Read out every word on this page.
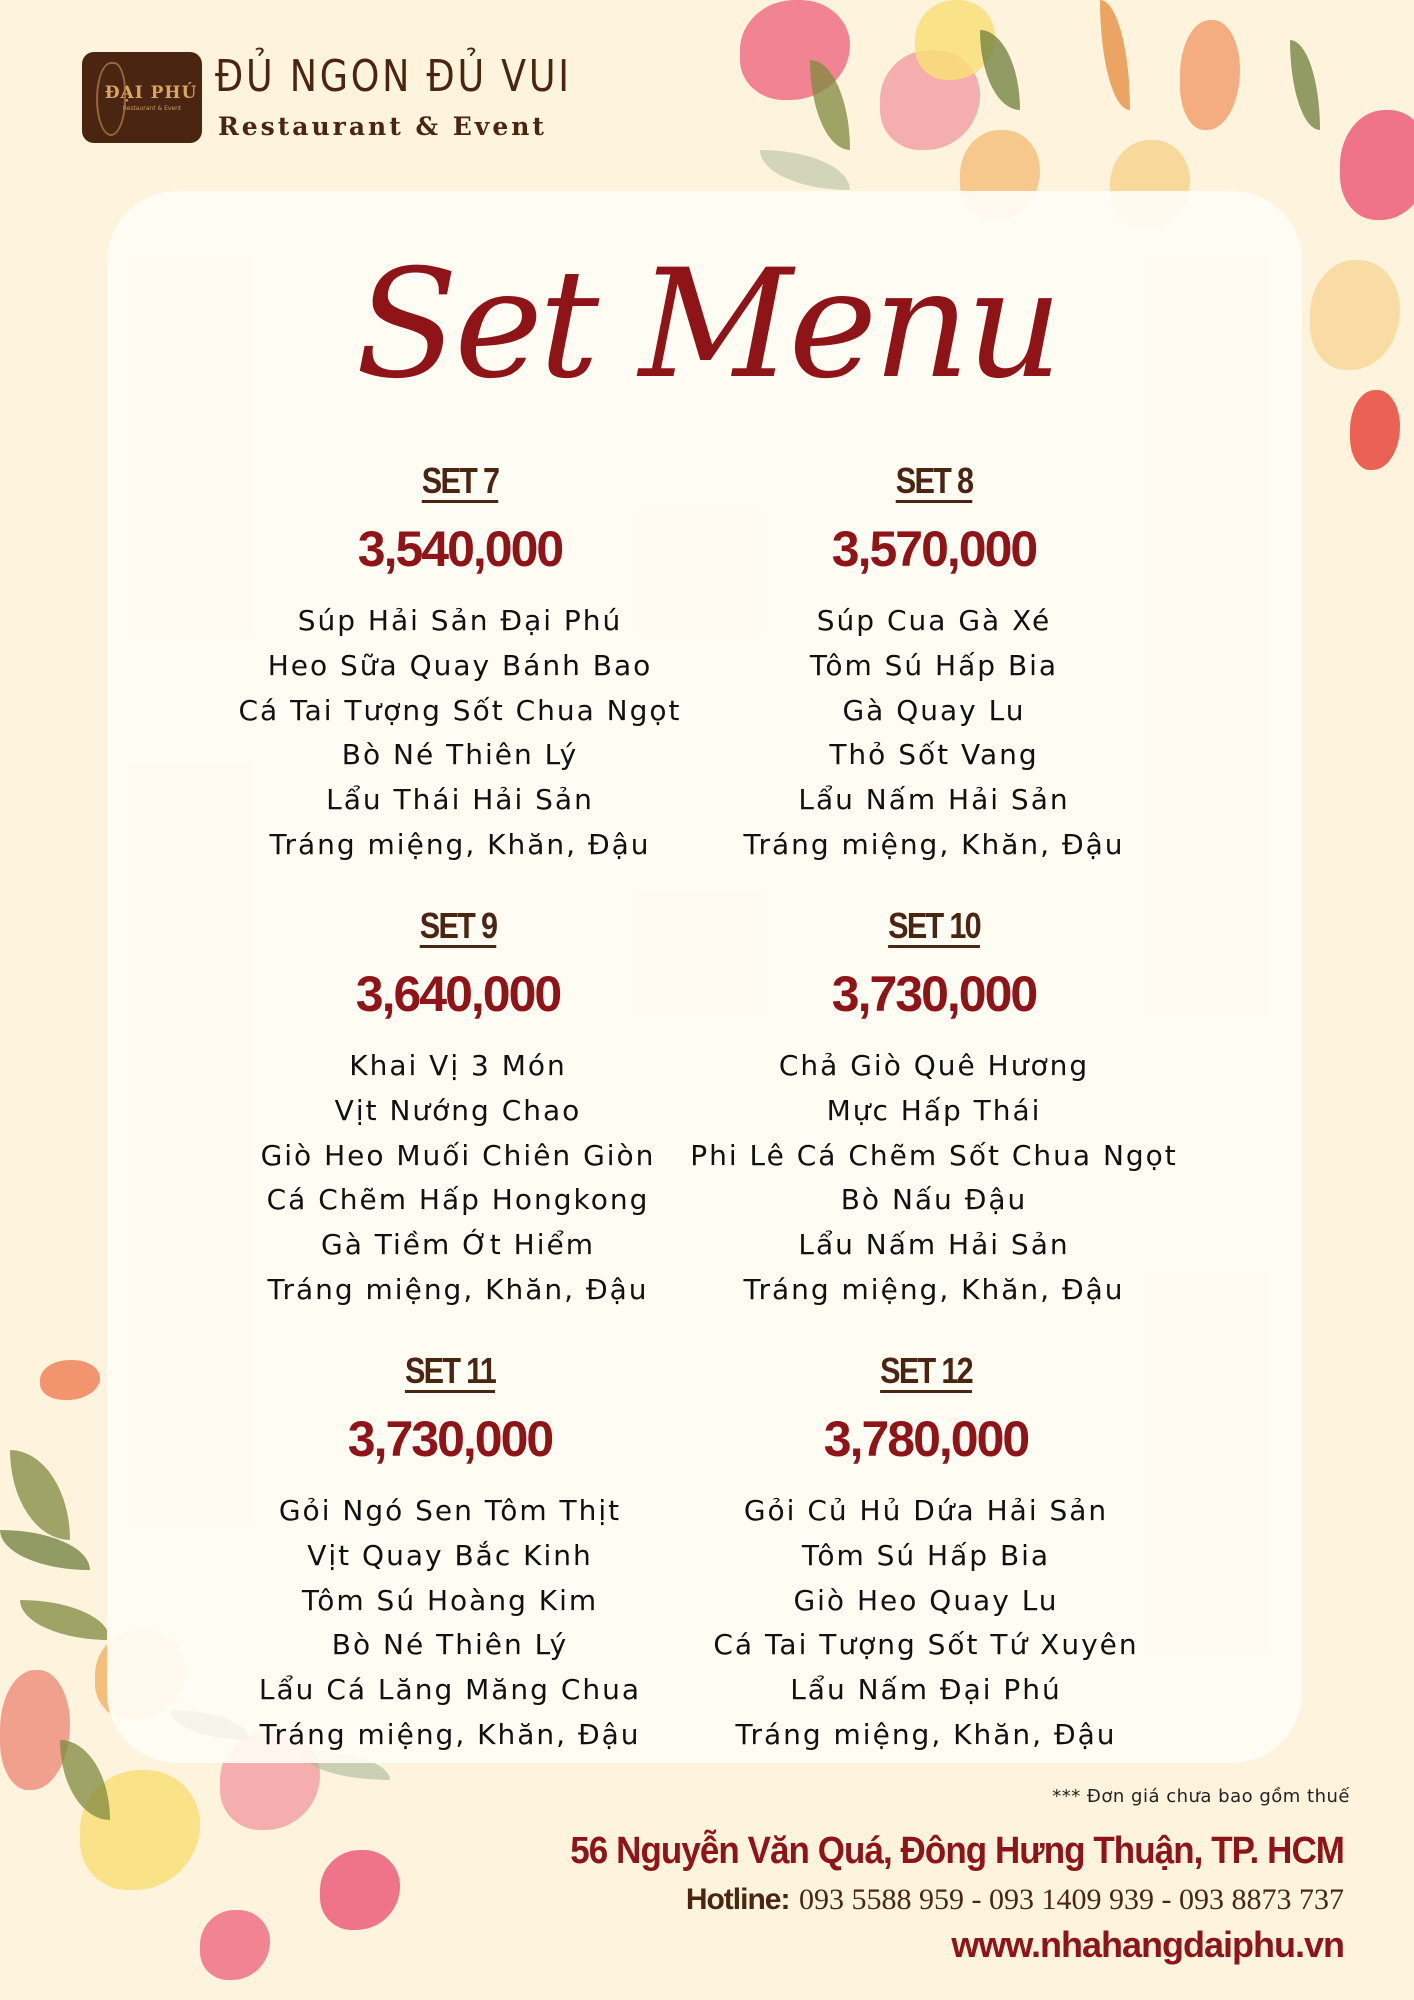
ĐẠI PHÚ
Restaurant & Event
ĐỦ NGON ĐỦ VUI
Restaurant & Event
Set Menu
SET 7
3,540,000
Súp Hải Sản Đại Phú
Heo Sữa Quay Bánh Bao
Cá Tai Tượng Sốt Chua Ngọt
Bò Né Thiên Lý
Lẩu Thái Hải Sản
Tráng miệng, Khăn, Đậu
SET 8
3,570,000
Súp Cua Gà Xé
Tôm Sú Hấp Bia
Gà Quay Lu
Thỏ Sốt Vang
Lẩu Nấm Hải Sản
Tráng miệng, Khăn, Đậu
SET 9
3,640,000
Khai Vị 3 Món
Vịt Nướng Chao
Giò Heo Muối Chiên Giòn
Cá Chẽm Hấp Hongkong
Gà Tiềm Ớt Hiểm
Tráng miệng, Khăn, Đậu
SET 10
3,730,000
Chả Giò Quê Hương
Mực Hấp Thái
Phi Lê Cá Chẽm Sốt Chua Ngọt
Bò Nấu Đậu
Lẩu Nấm Hải Sản
Tráng miệng, Khăn, Đậu
SET 11
3,730,000
Gỏi Ngó Sen Tôm Thịt
Vịt Quay Bắc Kinh
Tôm Sú Hoàng Kim
Bò Né Thiên Lý
Lẩu Cá Lăng Măng Chua
Tráng miệng, Khăn, Đậu
SET 12
3,780,000
Gỏi Củ Hủ Dứa Hải Sản
Tôm Sú Hấp Bia
Giò Heo Quay Lu
Cá Tai Tượng Sốt Tứ Xuyên
Lẩu Nấm Đại Phú
Tráng miệng, Khăn, Đậu
*** Đơn giá chưa bao gồm thuế
56 Nguyễn Văn Quá, Đông Hưng Thuận, TP. HCM
Hotline: 093 5588 959 - 093 1409 939 - 093 8873 737
www.nhahangdaiphu.vn
